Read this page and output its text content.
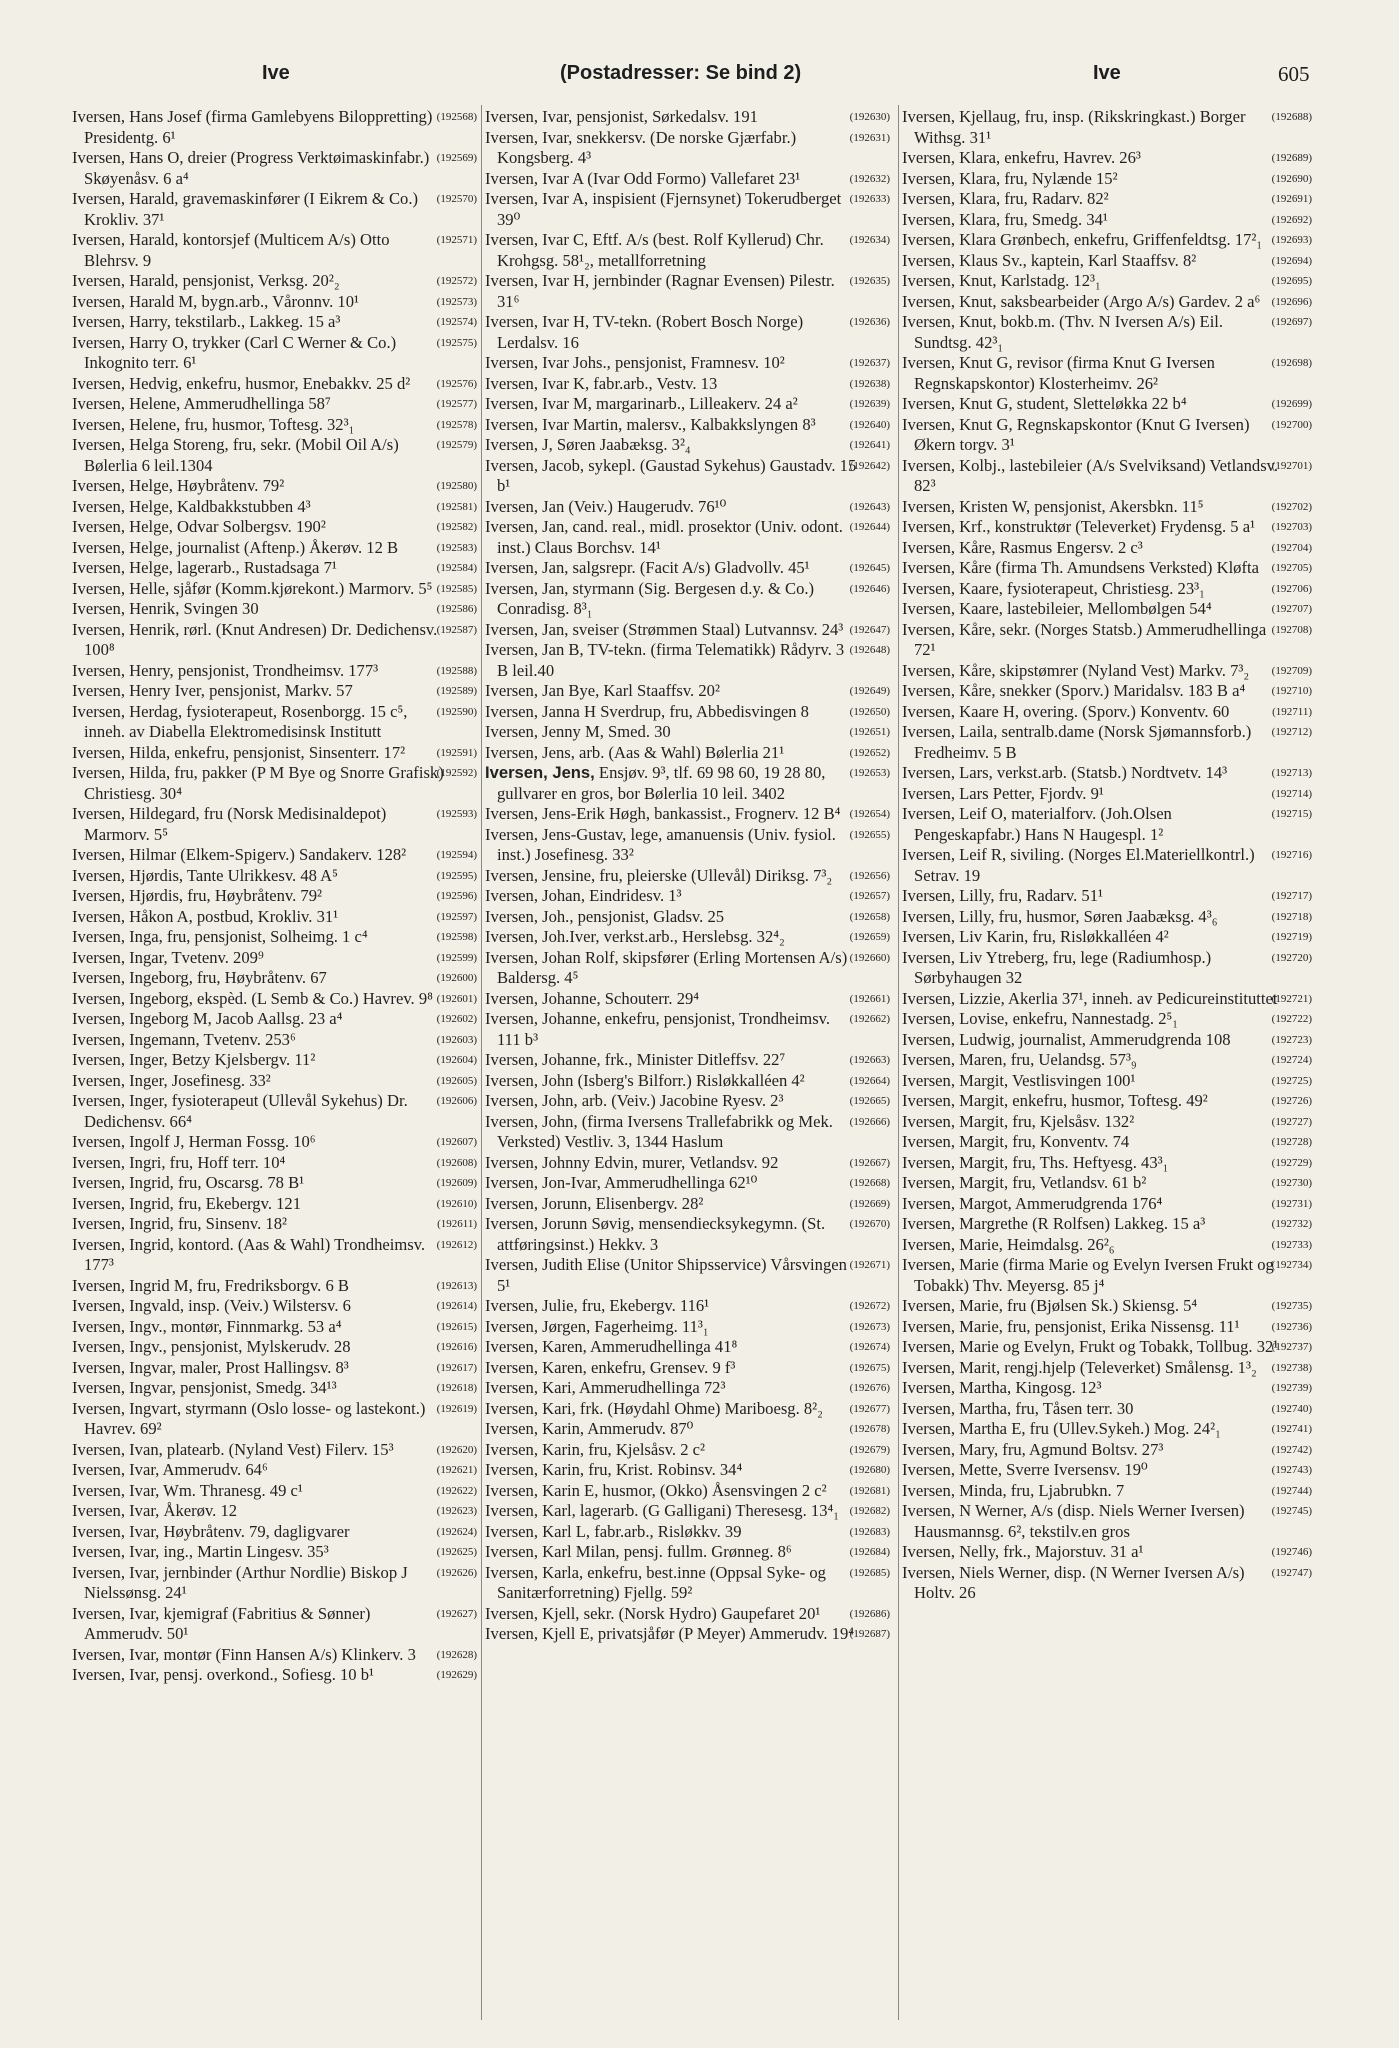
Ive	(Postadresser: Se bind 2)	Ive	605

(192568)
Iversen, Hans Josef (firma Gamlebyens Biloppretting) Presidentg. 6¹

(192569)
Iversen, Hans O, dreier (Progress Verktøimaskinfabr.) Skøyenåsv. 6 a⁴

(192570)
Iversen, Harald, gravemaskinfører (I Eikrem & Co.) Krokliv. 37¹

(192571)
Iversen, Harald, kontorsjef (Multicem A/s) Otto Blehrsv. 9

(192572)
Iversen, Harald, pensjonist, Verksg. 20²₂

(192573)
Iversen, Harald M, bygn.arb., Våronnv. 10¹

(192574)
Iversen, Harry, tekstilarb., Lakkeg. 15 a³

(192575)
Iversen, Harry O, trykker (Carl C Werner & Co.) Inkognito terr. 6¹

(192576)
Iversen, Hedvig, enkefru, husmor, Enebakkv. 25 d²

(192577)
Iversen, Helene, Ammerudhellinga 58⁷

(192578)
Iversen, Helene, fru, husmor, Toftesg. 32³₁

(192579)
Iversen, Helga Storeng, fru, sekr. (Mobil Oil A/s) Bølerlia 6 leil.1304

(192580)
Iversen, Helge, Høybråtenv. 79²

(192581)
Iversen, Helge, Kaldbakkstubben 4³

(192582)
Iversen, Helge, Odvar Solbergsv. 190²

(192583)
Iversen, Helge, journalist (Aftenp.) Åkerøv. 12 B

(192584)
Iversen, Helge, lagerarb., Rustadsaga 7¹

(192585)
Iversen, Helle, sjåfør (Komm.kjørekont.) Marmorv. 5⁵

(192586)
Iversen, Henrik, Svingen 30

(192587)
Iversen, Henrik, rørl. (Knut Andresen) Dr. Dedichensv. 100⁸

(192588)
Iversen, Henry, pensjonist, Trondheimsv. 177³

(192589)
Iversen, Henry Iver, pensjonist, Markv. 57

(192590)
Iversen, Herdag, fysioterapeut, Rosenborgg. 15 c⁵, inneh. av Diabella Elektromedisinsk Institutt

(192591)
Iversen, Hilda, enkefru, pensjonist, Sinsenterr. 17²

(192592)
Iversen, Hilda, fru, pakker (P M Bye og Snorre Grafisk) Christiesg. 30⁴

(192593)
Iversen, Hildegard, fru (Norsk Medisinaldepot) Marmorv. 5⁵

(192594)
Iversen, Hilmar (Elkem-Spigerv.) Sandakerv. 128²

(192595)
Iversen, Hjørdis, Tante Ulrikkesv. 48 A⁵

(192596)
Iversen, Hjørdis, fru, Høybråtenv. 79²

(192597)
Iversen, Håkon A, postbud, Krokliv. 31¹

(192598)
Iversen, Inga, fru, pensjonist, Solheimg. 1 c⁴

(192599)
Iversen, Ingar, Tvetenv. 209⁹

(192600)
Iversen, Ingeborg, fru, Høybråtenv. 67

(192601)
Iversen, Ingeborg, ekspèd. (L Semb & Co.) Havrev. 9⁸

(192602)
Iversen, Ingeborg M, Jacob Aallsg. 23 a⁴

(192603)
Iversen, Ingemann, Tvetenv. 253⁶

(192604)
Iversen, Inger, Betzy Kjelsbergv. 11²

(192605)
Iversen, Inger, Josefinesg. 33²

(192606)
Iversen, Inger, fysioterapeut (Ullevål Sykehus) Dr. Dedichensv. 66⁴

(192607)
Iversen, Ingolf J, Herman Fossg. 10⁶

(192608)
Iversen, Ingri, fru, Hoff terr. 10⁴

(192609)
Iversen, Ingrid, fru, Oscarsg. 78 B¹

(192610)
Iversen, Ingrid, fru, Ekebergv. 121

(192611)
Iversen, Ingrid, fru, Sinsenv. 18²

(192612)
Iversen, Ingrid, kontord. (Aas & Wahl) Trondheimsv. 177³

(192613)
Iversen, Ingrid M, fru, Fredriksborgv. 6 B

(192614)
Iversen, Ingvald, insp. (Veiv.) Wilstersv. 6

(192615)
Iversen, Ingv., montør, Finnmarkg. 53 a⁴

(192616)
Iversen, Ingv., pensjonist, Mylskerudv. 28

(192617)
Iversen, Ingvar, maler, Prost Hallingsv. 8³

(192618)
Iversen, Ingvar, pensjonist, Smedg. 34¹³

(192619)
Iversen, Ingvart, styrmann (Oslo losse- og lastekont.) Havrev. 69²

(192620)
Iversen, Ivan, platearb. (Nyland Vest) Filerv. 15³

(192621)
Iversen, Ivar, Ammerudv. 64⁶

(192622)
Iversen, Ivar, Wm. Thranesg. 49 c¹

(192623)
Iversen, Ivar, Åkerøv. 12

(192624)
Iversen, Ivar, Høybråtenv. 79, dagligvarer

(192625)
Iversen, Ivar, ing., Martin Lingesv. 35³

(192626)
Iversen, Ivar, jernbinder (Arthur Nordlie) Biskop J Nielssønsg. 24¹

(192627)
Iversen, Ivar, kjemigraf (Fabritius & Sønner) Ammerudv. 50¹

(192628)
Iversen, Ivar, montør (Finn Hansen A/s) Klinkerv. 3

(192629)
Iversen, Ivar, pensj. overkond., Sofiesg. 10 b¹

(192630)
Iversen, Ivar, pensjonist, Sørkedalsv. 191

(192631)
Iversen, Ivar, snekkersv. (De norske Gjærfabr.) Kongsberg. 4³

(192632)
Iversen, Ivar A (Ivar Odd Formo) Vallefaret 23¹

(192633)
Iversen, Ivar A, inspisient (Fjernsynet) Tokerudberget 39⁰

(192634)
Iversen, Ivar C, Eftf. A/s (best. Rolf Kyllerud) Chr. Krohgsg. 58¹₂, metallforretning

(192635)
Iversen, Ivar H, jernbinder (Ragnar Evensen) Pilestr. 31⁶

(192636)
Iversen, Ivar H, TV-tekn. (Robert Bosch Norge) Lerdalsv. 16

(192637)
Iversen, Ivar Johs., pensjonist, Framnesv. 10²

(192638)
Iversen, Ivar K, fabr.arb., Vestv. 13

(192639)
Iversen, Ivar M, margarinarb., Lilleakerv. 24 a²

(192640)
Iversen, Ivar Martin, malersv., Kalbakkslyngen 8³

(192641)
Iversen, J, Søren Jaabæksg. 3²₄

(192642)
Iversen, Jacob, sykepl. (Gaustad Sykehus) Gaustadv. 15 b¹

(192643)
Iversen, Jan (Veiv.) Haugerudv. 76¹⁰

(192644)
Iversen, Jan, cand. real., midl. prosektor (Univ. odont. inst.) Claus Borchsv. 14¹

(192645)
Iversen, Jan, salgsrepr. (Facit A/s) Gladvollv. 45¹

(192646)
Iversen, Jan, styrmann (Sig. Bergesen d.y. & Co.) Conradisg. 8³₁

(192647)
Iversen, Jan, sveiser (Strømmen Staal) Lutvannsv. 24³

(192648)
Iversen, Jan B, TV-tekn. (firma Telematikk) Rådyrv. 3 B leil.40

(192649)
Iversen, Jan Bye, Karl Staaffsv. 20²

(192650)
Iversen, Janna H Sverdrup, fru, Abbedisvingen 8

(192651)
Iversen, Jenny M, Smed. 30

(192652)
Iversen, Jens, arb. (Aas & Wahl) Bølerlia 21¹

(192653)
Iversen, Jens, Ensjøv. 9³, tlf. 69 98 60, 19 28 80, gullvarer en gros, bor Bølerlia 10 leil. 3402

(192654)
Iversen, Jens-Erik Høgh, bankassist., Frognerv. 12 B⁴

(192655)
Iversen, Jens-Gustav, lege, amanuensis (Univ. fysiol. inst.) Josefinesg. 33²

(192656)
Iversen, Jensine, fru, pleierske (Ullevål) Diriksg. 7³₂

(192657)
Iversen, Johan, Eindridesv. 1³

(192658)
Iversen, Joh., pensjonist, Gladsv. 25

(192659)
Iversen, Joh.Iver, verkst.arb., Herslebsg. 32⁴₂

(192660)
Iversen, Johan Rolf, skipsfører (Erling Mortensen A/s) Baldersg. 4⁵

(192661)
Iversen, Johanne, Schouterr. 29⁴

(192662)
Iversen, Johanne, enkefru, pensjonist, Trondheimsv. 111 b³

(192663)
Iversen, Johanne, frk., Minister Ditleffsv. 22⁷

(192664)
Iversen, John (Isberg's Bilforr.) Risløkkalléen 4²

(192665)
Iversen, John, arb. (Veiv.) Jacobine Ryesv. 2³

(192666)
Iversen, John, (firma Iversens Trallefabrikk og Mek. Verksted) Vestliv. 3, 1344 Haslum

(192667)
Iversen, Johnny Edvin, murer, Vetlandsv. 92

(192668)
Iversen, Jon-Ivar, Ammerudhellinga 62¹⁰

(192669)
Iversen, Jorunn, Elisenbergv. 28²

(192670)
Iversen, Jorunn Søvig, mensendiecksykegymn. (St. attføringsinst.) Hekkv. 3

(192671)
Iversen, Judith Elise (Unitor Shipsservice) Vårsvingen 5¹

(192672)
Iversen, Julie, fru, Ekebergv. 116¹

(192673)
Iversen, Jørgen, Fagerheimg. 11³₁

(192674)
Iversen, Karen, Ammerudhellinga 41⁸

(192675)
Iversen, Karen, enkefru, Grensev. 9 f³

(192676)
Iversen, Kari, Ammerudhellinga 72³

(192677)
Iversen, Kari, frk. (Høydahl Ohme) Mariboesg. 8²₂

(192678)
Iversen, Karin, Ammerudv. 87⁰

(192679)
Iversen, Karin, fru, Kjelsåsv. 2 c²

(192680)
Iversen, Karin, fru, Krist. Robinsv. 34⁴

(192681)
Iversen, Karin E, husmor, (Okko) Åsensvingen 2 c²

(192682)
Iversen, Karl, lagerarb. (G Galligani) Theresesg. 13⁴₁

(192683)
Iversen, Karl L, fabr.arb., Risløkkv. 39

(192684)
Iversen, Karl Milan, pensj. fullm. Grønneg. 8⁶

(192685)
Iversen, Karla, enkefru, best.inne (Oppsal Syke- og Sanitærforretning) Fjellg. 59²

(192686)
Iversen, Kjell, sekr. (Norsk Hydro) Gaupefaret 20¹

(192687)
Iversen, Kjell E, privatsjåfør (P Meyer) Ammerudv. 19⁴

(192688)
Iversen, Kjellaug, fru, insp. (Rikskringkast.) Borger Withsg. 31¹

(192689)
Iversen, Klara, enkefru, Havrev. 26³

(192690)
Iversen, Klara, fru, Nylænde 15²

(192691)
Iversen, Klara, fru, Radarv. 82²

(192692)
Iversen, Klara, fru, Smedg. 34¹

(192693)
Iversen, Klara Grønbech, enkefru, Griffenfeldtsg. 17²₁

(192694)
Iversen, Klaus Sv., kaptein, Karl Staaffsv. 8²

(192695)
Iversen, Knut, Karlstadg. 12³₁

(192696)
Iversen, Knut, saksbearbeider (Argo A/s) Gardev. 2 a⁶

(192697)
Iversen, Knut, bokb.m. (Thv. N Iversen A/s) Eil. Sundtsg. 42³₁

(192698)
Iversen, Knut G, revisor (firma Knut G Iversen Regnskapskontor) Klosterheimv. 26²

(192699)
Iversen, Knut G, student, Sletteløkka 22 b⁴

(192700)
Iversen, Knut G, Regnskapskontor (Knut G Iversen) Økern torgv. 3¹

(192701)
Iversen, Kolbj., lastebileier (A/s Svelviksand) Vetlandsv. 82³

(192702)
Iversen, Kristen W, pensjonist, Akersbkn. 11⁵

(192703)
Iversen, Krf., konstruktør (Televerket) Frydensg. 5 a¹

(192704)
Iversen, Kåre, Rasmus Engersv. 2 c³

(192705)
Iversen, Kåre (firma Th. Amundsens Verksted) Kløfta

(192706)
Iversen, Kaare, fysioterapeut, Christiesg. 23³₁

(192707)
Iversen, Kaare, lastebileier, Mellombølgen 54⁴

(192708)
Iversen, Kåre, sekr. (Norges Statsb.) Ammerudhellinga 72¹

(192709)
Iversen, Kåre, skipstømrer (Nyland Vest) Markv. 7³₂

(192710)
Iversen, Kåre, snekker (Sporv.) Maridalsv. 183 B a⁴

(192711)
Iversen, Kaare H, overing. (Sporv.) Konventv. 60

(192712)
Iversen, Laila, sentralb.dame (Norsk Sjømannsforb.) Fredheimv. 5 B

(192713)
Iversen, Lars, verkst.arb. (Statsb.) Nordtvetv. 14³

(192714)
Iversen, Lars Petter, Fjordv. 9¹

(192715)
Iversen, Leif O, materialforv. (Joh.Olsen Pengeskapfabr.) Hans N Haugespl. 1²

(192716)
Iversen, Leif R, siviling. (Norges El.Materiellkontrl.) Setrav. 19

(192717)
Iversen, Lilly, fru, Radarv. 51¹

(192718)
Iversen, Lilly, fru, husmor, Søren Jaabæksg. 4³₆

(192719)
Iversen, Liv Karin, fru, Risløkkalléen 4²

(192720)
Iversen, Liv Ytreberg, fru, lege (Radiumhosp.) Sørbyhaugen 32

(192721)
Iversen, Lizzie, Akerlia 37¹, inneh. av Pedicureinstituttet

(192722)
Iversen, Lovise, enkefru, Nannestadg. 2⁵₁

(192723)
Iversen, Ludwig, journalist, Ammerudgrenda 108

(192724)
Iversen, Maren, fru, Uelandsg. 57³₉

(192725)
Iversen, Margit, Vestlisvingen 100¹

(192726)
Iversen, Margit, enkefru, husmor, Toftesg. 49²

(192727)
Iversen, Margit, fru, Kjelsåsv. 132²

(192728)
Iversen, Margit, fru, Konventv. 74

(192729)
Iversen, Margit, fru, Ths. Heftyesg. 43³₁

(192730)
Iversen, Margit, fru, Vetlandsv. 61 b²

(192731)
Iversen, Margot, Ammerudgrenda 176⁴

(192732)
Iversen, Margrethe (R Rolfsen) Lakkeg. 15 a³

(192733)
Iversen, Marie, Heimdalsg. 26²₆

(192734)
Iversen, Marie (firma Marie og Evelyn Iversen Frukt og Tobakk) Thv. Meyersg. 85 j⁴

(192735)
Iversen, Marie, fru (Bjølsen Sk.) Skiensg. 5⁴

(192736)
Iversen, Marie, fru, pensjonist, Erika Nissensg. 11¹

(192737)
Iversen, Marie og Evelyn, Frukt og Tobakk, Tollbug. 32¹

(192738)
Iversen, Marit, rengj.hjelp (Televerket) Smålensg. 1³₂

(192739)
Iversen, Martha, Kingosg. 12³

(192740)
Iversen, Martha, fru, Tåsen terr. 30

(192741)
Iversen, Martha E, fru (Ullev.Sykeh.) Mog. 24²₁

(192742)
Iversen, Mary, fru, Agmund Boltsv. 27³

(192743)
Iversen, Mette, Sverre Iversensv. 19⁰

(192744)
Iversen, Minda, fru, Ljabrubkn. 7

(192745)
Iversen, N Werner, A/s (disp. Niels Werner Iversen) Hausmannsg. 6², tekstilv.en gros

(192746)
Iversen, Nelly, frk., Majorstuv. 31 a¹

(192747)
Iversen, Niels Werner, disp. (N Werner Iversen A/s) Holtv. 26
